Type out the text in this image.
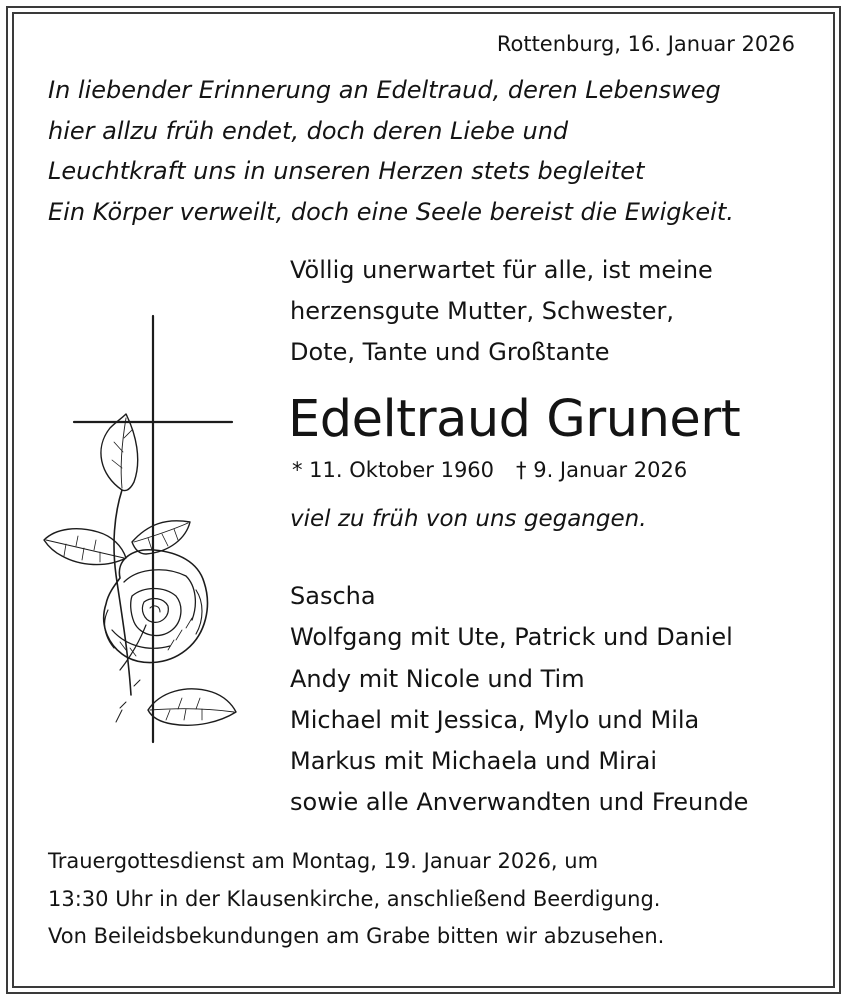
Rottenburg, 16. Januar 2026

In liebender Erinnerung an Edeltraud, deren Lebensweg
hier allzu früh endet, doch deren Liebe und
Leuchtkraft uns in unseren Herzen stets begleitet
Ein Körper verweilt, doch eine Seele bereist die Ewigkeit.
Völlig unerwartet für alle, ist meine
herzensgute Mutter, Schwester,
Dote, Tante und Großtante
Edeltraud Grunert
* 11. Oktober 1960 † 9. Januar 2026
viel zu früh von uns gegangen.
Sascha
Wolfgang mit Ute, Patrick und Daniel
Andy mit Nicole und Tim
Michael mit Jessica, Mylo und Mila
Markus mit Michaela und Mirai
sowie alle Anverwandten und Freunde
Trauergottesdienst am Montag, 19. Januar 2026, um
13:30 Uhr in der Klausenkirche, anschließend Beerdigung.
Von Beileidsbekundungen am Grabe bitten wir abzusehen.
